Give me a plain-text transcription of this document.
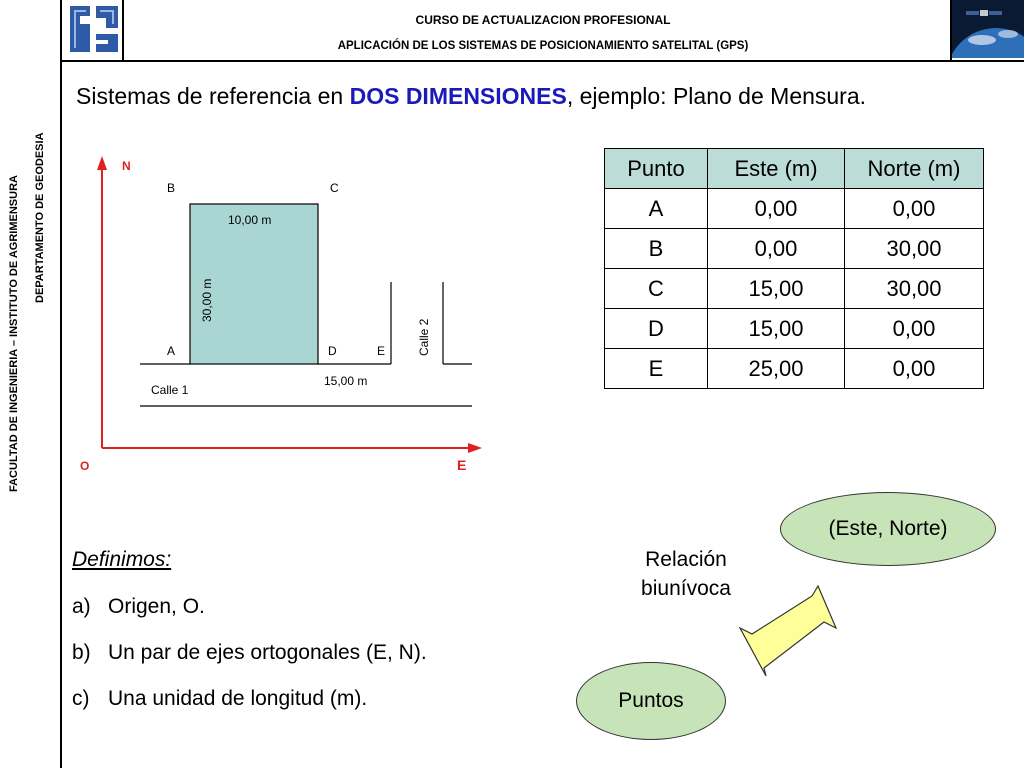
FACULTAD DE INGENIERIA – INSTITUTO DE AGRIMENSURA DEPARTAMENTO DE GEODESIA
CURSO DE ACTUALIZACION PROFESIONAL
APLICACIÓN DE LOS SISTEMAS DE POSICIONAMIENTO SATELITAL (GPS)
Sistemas de referencia en DOS DIMENSIONES, ejemplo: Plano de Mensura.
N
O	E
B	C
A	D	E
10,00 m
30,00 m
15,00 m
Calle 1
Calle 2
Punto	Este (m)	Norte (m)
A	0,00	0,00
B	0,00	30,00
C	15,00	30,00
D	15,00	0,00
E	25,00	0,00
Definimos:
a) Origen, O.
b) Un par de ejes ortogonales (E, N).
c) Una unidad de longitud (m).
Relación
biunívoca
(Este, Norte)
Puntos
